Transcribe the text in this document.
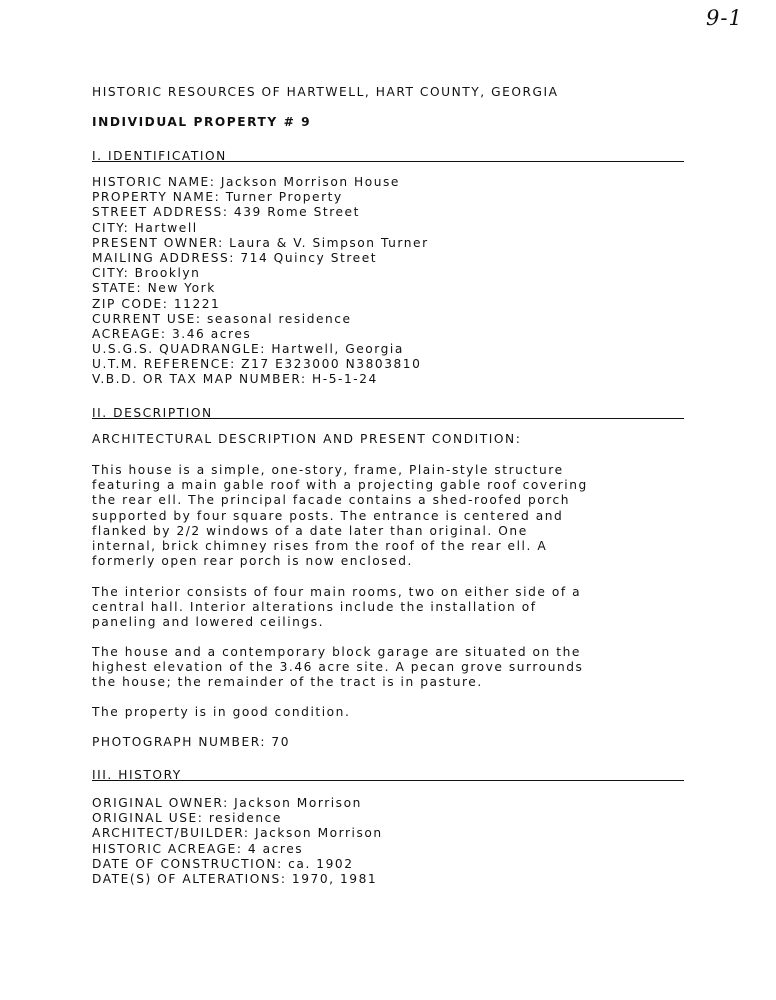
9-1
HISTORIC RESOURCES OF HARTWELL, HART COUNTY, GEORGIA
INDIVIDUAL PROPERTY # 9
I. IDENTIFICATION
HISTORIC NAME: Jackson Morrison House
PROPERTY NAME: Turner Property
STREET ADDRESS: 439 Rome Street
CITY: Hartwell
PRESENT OWNER: Laura & V. Simpson Turner
MAILING ADDRESS: 714 Quincy Street
CITY: Brooklyn
STATE: New York
ZIP CODE: 11221
CURRENT USE: seasonal residence
ACREAGE: 3.46 acres
U.S.G.S. QUADRANGLE: Hartwell, Georgia
U.T.M. REFERENCE: Z17 E323000 N3803810
V.B.D. OR TAX MAP NUMBER: H-5-1-24
II. DESCRIPTION
ARCHITECTURAL DESCRIPTION AND PRESENT CONDITION:
This house is a simple, one-story, frame, Plain-style structure
featuring a main gable roof with a projecting gable roof covering
the rear ell. The principal facade contains a shed-roofed porch
supported by four square posts. The entrance is centered and
flanked by 2/2 windows of a date later than original. One
internal, brick chimney rises from the roof of the rear ell. A
formerly open rear porch is now enclosed.
The interior consists of four main rooms, two on either side of a
central hall. Interior alterations include the installation of
paneling and lowered ceilings.
The house and a contemporary block garage are situated on the
highest elevation of the 3.46 acre site. A pecan grove surrounds
the house; the remainder of the tract is in pasture.
The property is in good condition.
PHOTOGRAPH NUMBER: 70
III. HISTORY
ORIGINAL OWNER: Jackson Morrison
ORIGINAL USE: residence
ARCHITECT/BUILDER: Jackson Morrison
HISTORIC ACREAGE: 4 acres
DATE OF CONSTRUCTION: ca. 1902
DATE(S) OF ALTERATIONS: 1970, 1981
